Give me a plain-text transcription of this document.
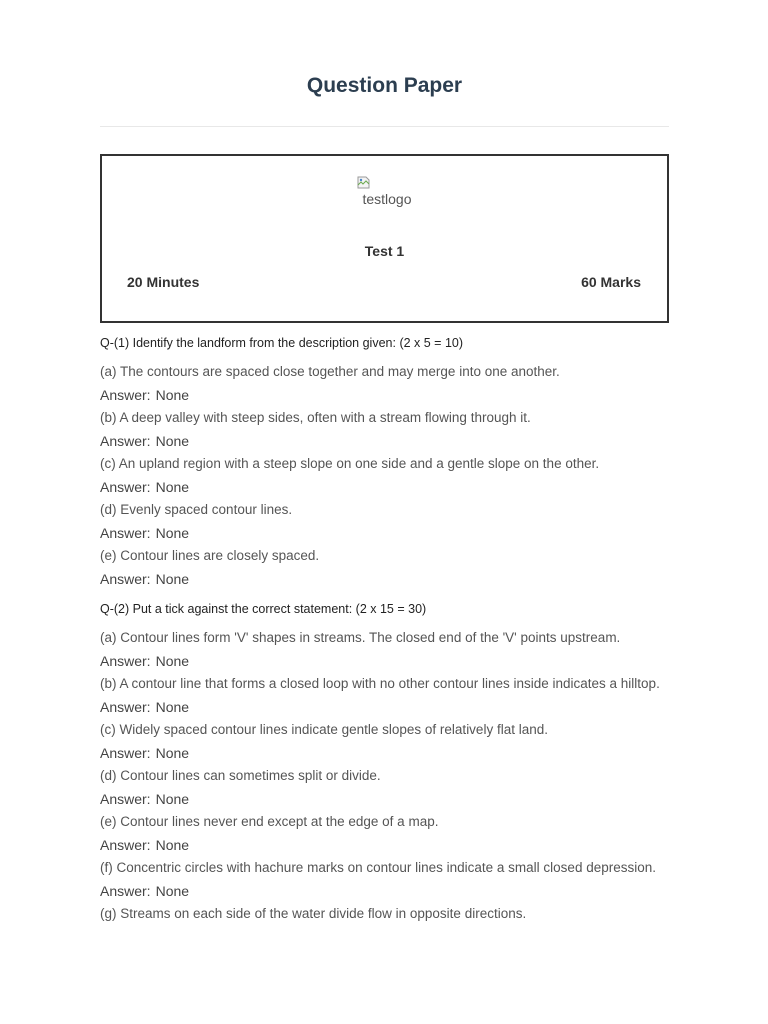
Question Paper
testlogo
Test 1
20 Minutes	60 Marks
Q-(1) Identify the landform from the description given: (2 x 5 = 10)
(a) The contours are spaced close together and may merge into one another.
Answer: None
(b) A deep valley with steep sides, often with a stream flowing through it.
Answer: None
(c) An upland region with a steep slope on one side and a gentle slope on the other.
Answer: None
(d) Evenly spaced contour lines.
Answer: None
(e) Contour lines are closely spaced.
Answer: None
Q-(2) Put a tick against the correct statement: (2 x 15 = 30)
(a) Contour lines form 'V' shapes in streams. The closed end of the 'V' points upstream.
Answer: None
(b) A contour line that forms a closed loop with no other contour lines inside indicates a hilltop.
Answer: None
(c) Widely spaced contour lines indicate gentle slopes of relatively flat land.
Answer: None
(d) Contour lines can sometimes split or divide.
Answer: None
(e) Contour lines never end except at the edge of a map.
Answer: None
(f) Concentric circles with hachure marks on contour lines indicate a small closed depression.
Answer: None
(g) Streams on each side of the water divide flow in opposite directions.
